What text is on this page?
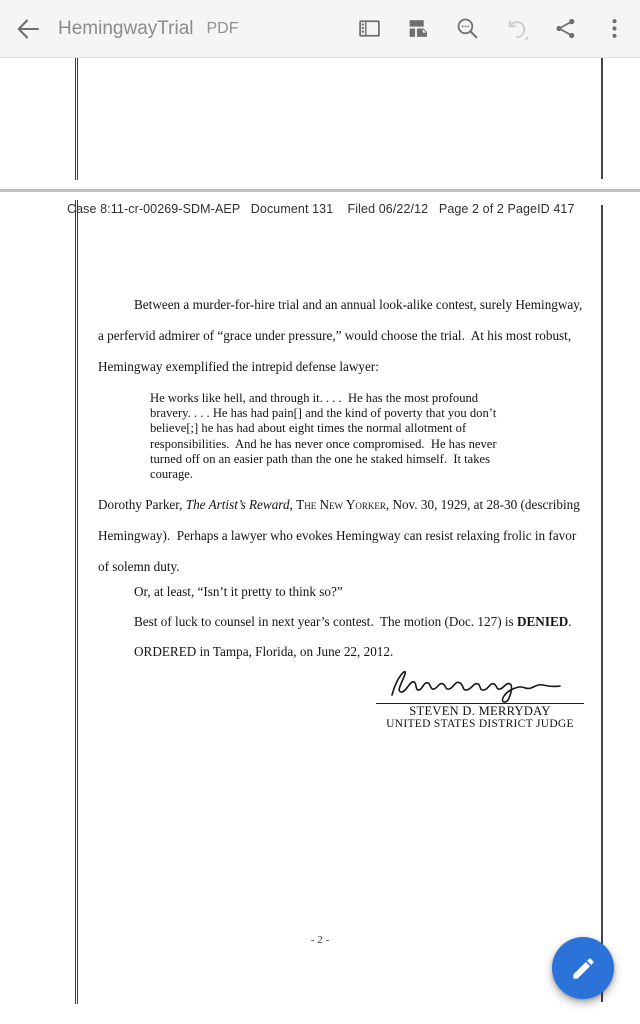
HemingwayTrial PDF
Case 8:11-cr-00269-SDM-AEP   Document 131    Filed 06/22/12   Page 2 of 2 PageID 417
Between a murder-for-hire trial and an annual look-alike contest, surely Hemingway, a perfervid admirer of “grace under pressure,” would choose the trial.  At his most robust, Hemingway exemplified the intrepid defense lawyer:
He works like hell, and through it. . . .  He has the most profound bravery. . . . He has had pain[] and the kind of poverty that you don’t believe[;] he has had about eight times the normal allotment of responsibilities.  And he has never once compromised.  He has never turned off on an easier path than the one he staked himself.  It takes courage.
Dorothy Parker, The Artist’s Reward, The New Yorker, Nov. 30, 1929, at 28-30 (describing Hemingway).  Perhaps a lawyer who evokes Hemingway can resist relaxing frolic in favor of solemn duty.
Or, at least, “Isn’t it pretty to think so?”
Best of luck to counsel in next year’s contest.  The motion (Doc. 127) is DENIED.
ORDERED in Tampa, Florida, on June 22, 2012.
STEVEN D. MERRYDAY
UNITED STATES DISTRICT JUDGE
- 2 -
